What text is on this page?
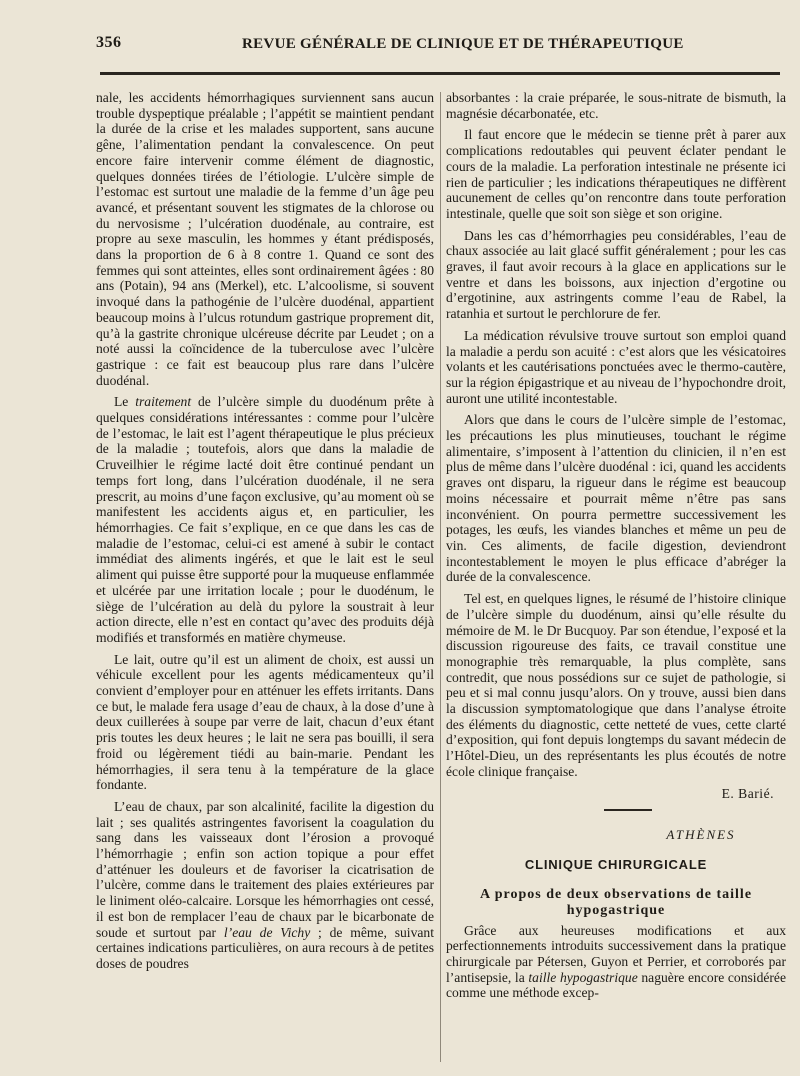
356	REVUE GÉNÉRALE DE CLINIQUE ET DE THÉRAPEUTIQUE

nale, les accidents hémorrhagiques surviennent sans aucun trouble dyspeptique préalable ; l’appétit se maintient pendant la durée de la crise et les malades supportent, sans aucune gêne, l’alimentation pendant la convalescence. On peut encore faire intervenir comme élément de diagnostic, quelques données tirées de l’étiologie. L’ulcère simple de l’estomac est surtout une maladie de la femme d’un âge peu avancé, et présentant souvent les stigmates de la chlorose ou du nervosisme ; l’ulcération duodénale, au contraire, est propre au sexe masculin, les hommes y étant prédisposés, dans la proportion de 6 à 8 contre 1. Quand ce sont des femmes qui sont atteintes, elles sont ordinairement âgées : 80 ans (Potain), 94 ans (Merkel), etc. L’alcoolisme, si souvent invoqué dans la pathogénie de l’ulcère duodénal, appartient beaucoup moins à l’ulcus rotundum gastrique proprement dit, qu’à la gastrite chronique ulcéreuse décrite par Leudet ; on a noté aussi la coïncidence de la tuberculose avec l’ulcère gastrique : ce fait est beaucoup plus rare dans l’ulcère duodénal.

Le traitement de l’ulcère simple du duodénum prête à quelques considérations intéressantes : comme pour l’ulcère de l’estomac, le lait est l’agent thérapeutique le plus précieux de la maladie ; toutefois, alors que dans la maladie de Cruveilhier le régime lacté doit être continué pendant un temps fort long, dans l’ulcération duodénale, il ne sera prescrit, au moins d’une façon exclusive, qu’au moment où se manifestent les accidents aigus et, en particulier, les hémorrhagies. Ce fait s’explique, en ce que dans les cas de maladie de l’estomac, celui-ci est amené à subir le contact immédiat des aliments ingérés, et que le lait est le seul aliment qui puisse être supporté pour la muqueuse enflammée et ulcérée par une irritation locale ; pour le duodénum, le siège de l’ulcération au delà du pylore la soustrait à leur action directe, elle n’est en contact qu’avec des produits déjà modifiés et transformés en matière chymeuse.

Le lait, outre qu’il est un aliment de choix, est aussi un véhicule excellent pour les agents médicamenteux qu’il convient d’employer pour en atténuer les effets irritants. Dans ce but, le malade fera usage d’eau de chaux, à la dose d’une à deux cuillerées à soupe par verre de lait, chacun d’eux étant pris toutes les deux heures ; le lait ne sera pas bouilli, il sera froid ou légèrement tiédi au bain-marie. Pendant les hémorrhagies, il sera tenu à la température de la glace fondante.

L’eau de chaux, par son alcalinité, facilite la digestion du lait ; ses qualités astringentes favorisent la coagulation du sang dans les vaisseaux dont l’érosion a provoqué l’hémorrhagie ; enfin son action topique a pour effet d’atténuer les douleurs et de favoriser la cicatrisation de l’ulcère, comme dans le traitement des plaies extérieures par le liniment oléo-calcaire. Lorsque les hémorrhagies ont cessé, il est bon de remplacer l’eau de chaux par le bicarbonate de soude et surtout par l’eau de Vichy ; de même, suivant certaines indications particulières, on aura recours à de petites doses de poudres

absorbantes : la craie préparée, le sous-nitrate de bismuth, la magnésie décarbonatée, etc.

Il faut encore que le médecin se tienne prêt à parer aux complications redoutables qui peuvent éclater pendant le cours de la maladie. La perforation intestinale ne présente ici rien de particulier ; les indications thérapeutiques ne diffèrent aucunement de celles qu’on rencontre dans toute perforation intestinale, quelle que soit son siège et son origine.

Dans les cas d’hémorrhagies peu considérables, l’eau de chaux associée au lait glacé suffit généralement ; pour les cas graves, il faut avoir recours à la glace en applications sur le ventre et dans les boissons, aux injection d’ergotine ou d’ergotinine, aux astringents comme l’eau de Rabel, la ratanhia et surtout le perchlorure de fer.

La médication révulsive trouve surtout son emploi quand la maladie a perdu son acuité : c’est alors que les vésicatoires volants et les cautérisations ponctuées avec le thermo-cautère, sur la région épigastrique et au niveau de l’hypochondre droit, auront une utilité incontestable.

Alors que dans le cours de l’ulcère simple de l’estomac, les précautions les plus minutieuses, touchant le régime alimentaire, s’imposent à l’attention du clinicien, il n’en est plus de même dans l’ulcère duodénal : ici, quand les accidents graves ont disparu, la rigueur dans le régime est beaucoup moins nécessaire et pourrait même n’être pas sans inconvénient. On pourra permettre successivement les potages, les œufs, les viandes blanches et même un peu de vin. Ces aliments, de facile digestion, deviendront incontestablement le moyen le plus efficace d’abréger la durée de la convalescence.

Tel est, en quelques lignes, le résumé de l’histoire clinique de l’ulcère simple du duodénum, ainsi qu’elle résulte du mémoire de M. le Dr Bucquoy. Par son étendue, l’exposé et la discussion rigoureuse des faits, ce travail constitue une monographie très remarquable, la plus complète, sans contredit, que nous possédions sur ce sujet de pathologie, si peu et si mal connu jusqu’alors. On y trouve, aussi bien dans la discussion symptomatologique que dans l’analyse étroite des éléments du diagnostic, cette netteté de vues, cette clarté d’exposition, qui font depuis longtemps du savant médecin de l’Hôtel-Dieu, un des représentants les plus écoutés de notre école clinique française.

E. Barié.
ATHÈNES
CLINIQUE CHIRURGICALE
A propos de deux observations de taille hypogastrique

Grâce aux heureuses modifications et aux perfectionnements introduits successivement dans la pratique chirurgicale par Pétersen, Guyon et Perrier, et corroborés par l’antisepsie, la taille hypogastrique naguère encore considérée comme une méthode excep-
